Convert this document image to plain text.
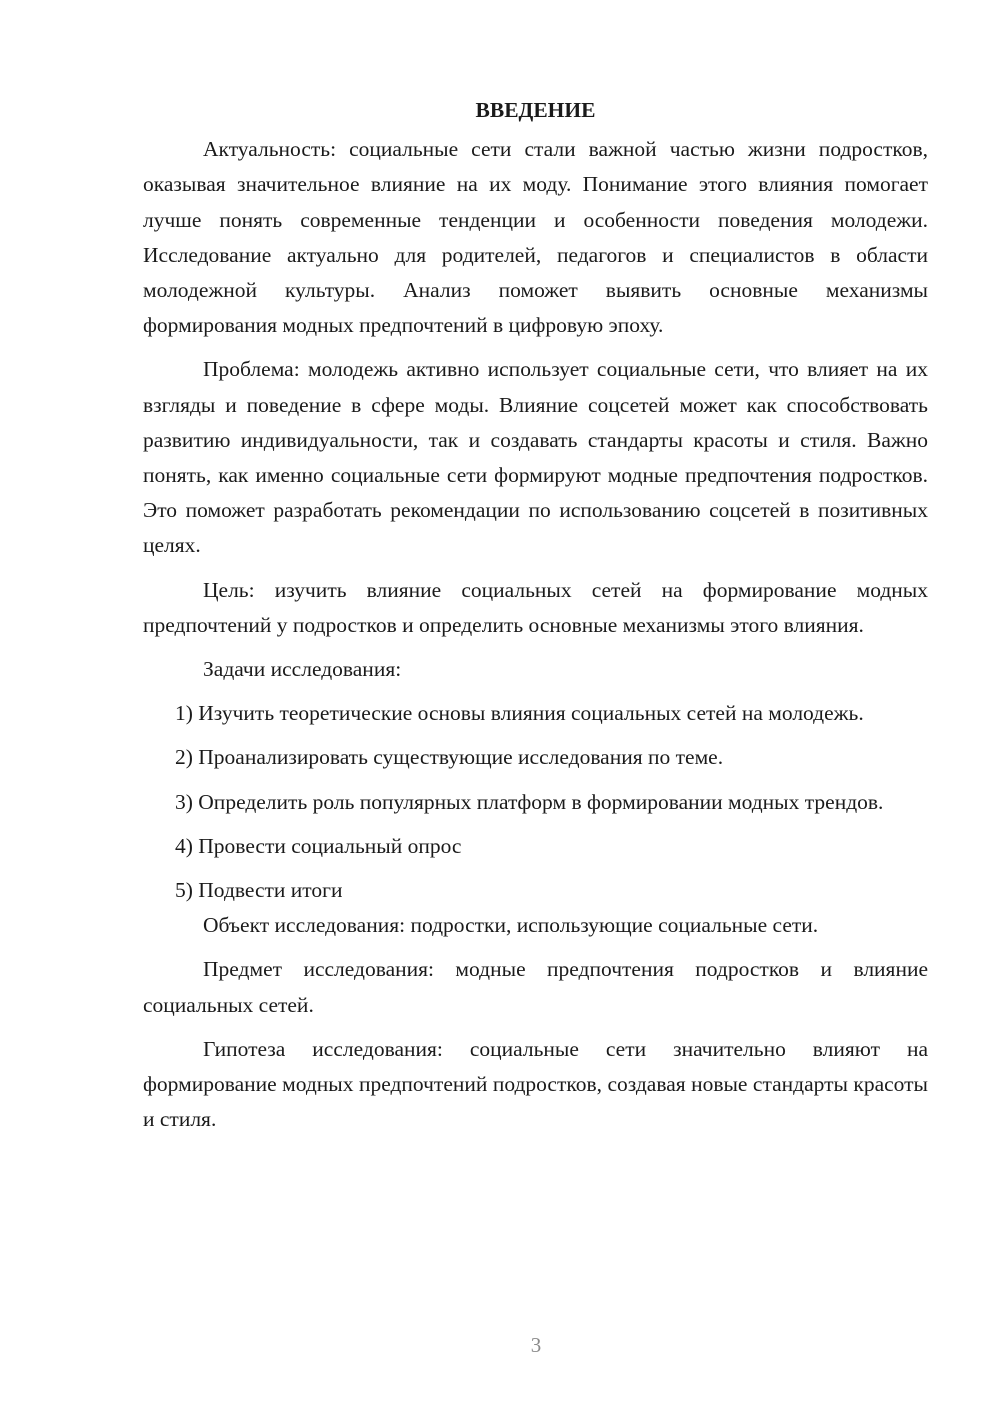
ВВЕДЕНИЕ

Актуальность: социальные сети стали важной частью жизни подростков, оказывая значительное влияние на их моду. Понимание этого влияния помогает лучше понять современные тенденции и особенности поведения молодежи. Исследование актуально для родителей, педагогов и специалистов в области молодежной культуры. Анализ поможет выявить основные механизмы формирования модных предпочтений в цифровую эпоху.

Проблема: молодежь активно использует социальные сети, что влияет на их взгляды и поведение в сфере моды. Влияние соцсетей может как способствовать развитию индивидуальности, так и создавать стандарты красоты и стиля. Важно понять, как именно социальные сети формируют модные предпочтения подростков. Это поможет разработать рекомендации по использованию соцсетей в позитивных целях.

Цель: изучить влияние социальных сетей на формирование модных предпочтений у подростков и определить основные механизмы этого влияния.

Задачи исследования:

1) Изучить теоретические основы влияния социальных сетей на молодежь.

2) Проанализировать существующие исследования по теме.

3) Определить роль популярных платформ в формировании модных трендов.

4) Провести социальный опрос

5) Подвести итоги

Объект исследования: подростки, использующие социальные сети.

Предмет исследования: модные предпочтения подростков и влияние социальных сетей.

Гипотеза исследования: социальные сети значительно влияют на формирование модных предпочтений подростков, создавая новые стандарты красоты и стиля.

3
